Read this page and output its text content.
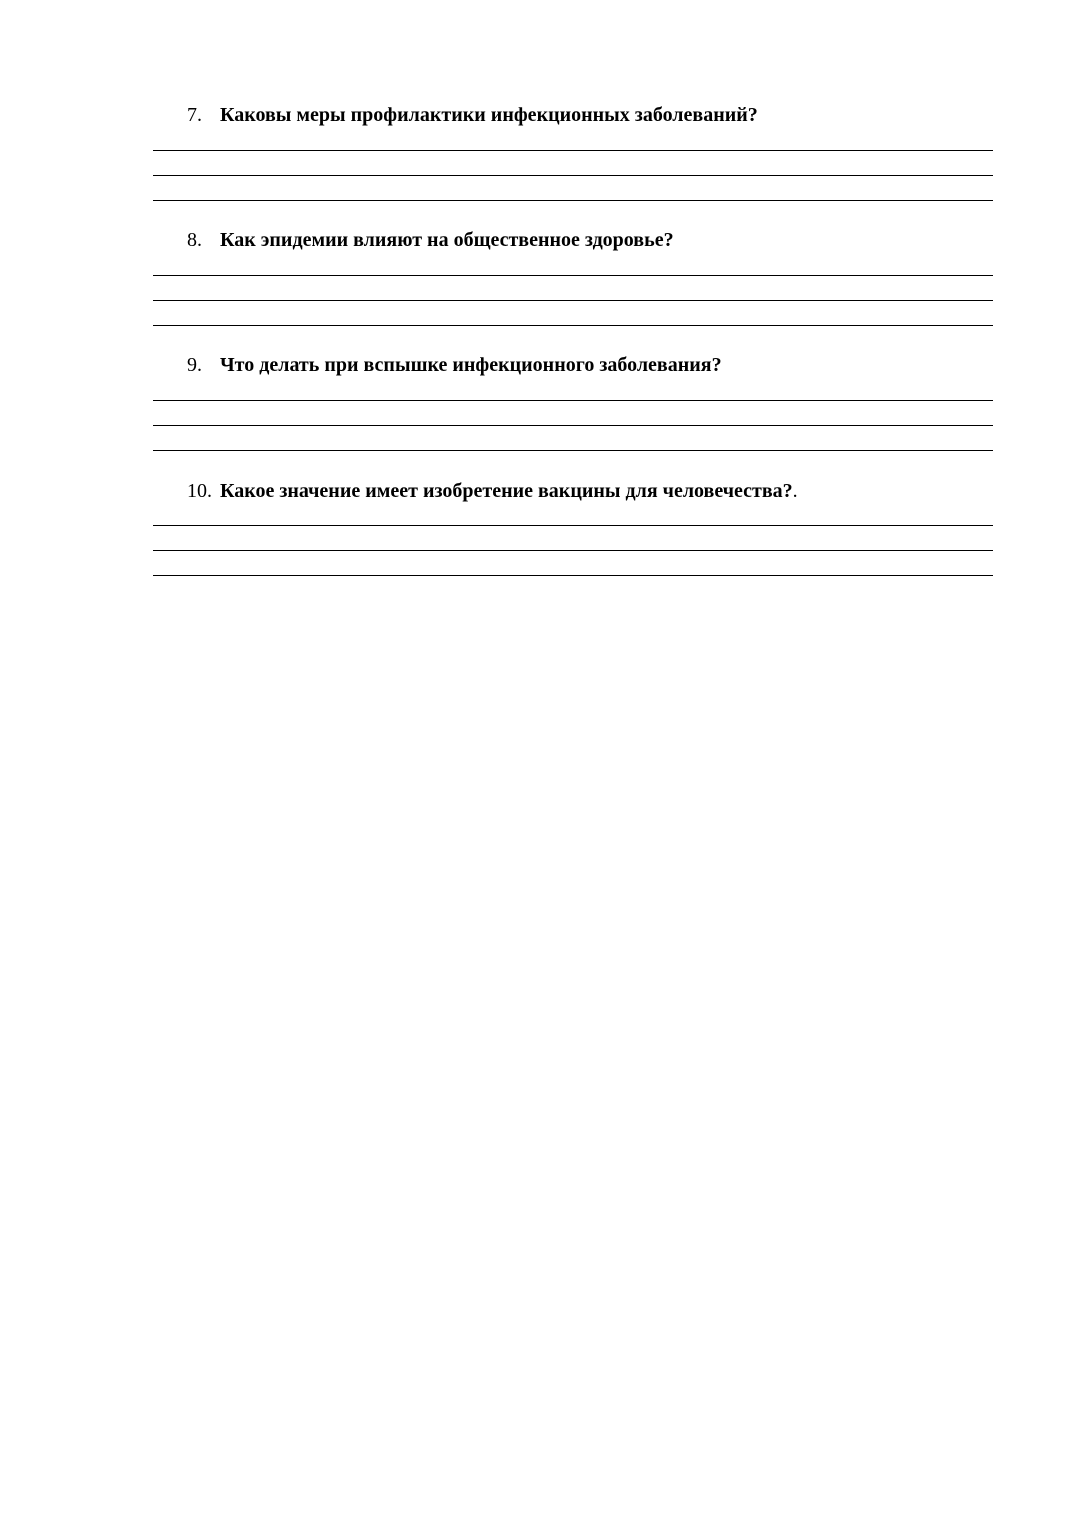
7. Каковы меры профилактики инфекционных заболеваний?
8. Как эпидемии влияют на общественное здоровье?
9. Что делать при вспышке инфекционного заболевания?
10. Какое значение имеет изобретение вакцины для человечества?.
